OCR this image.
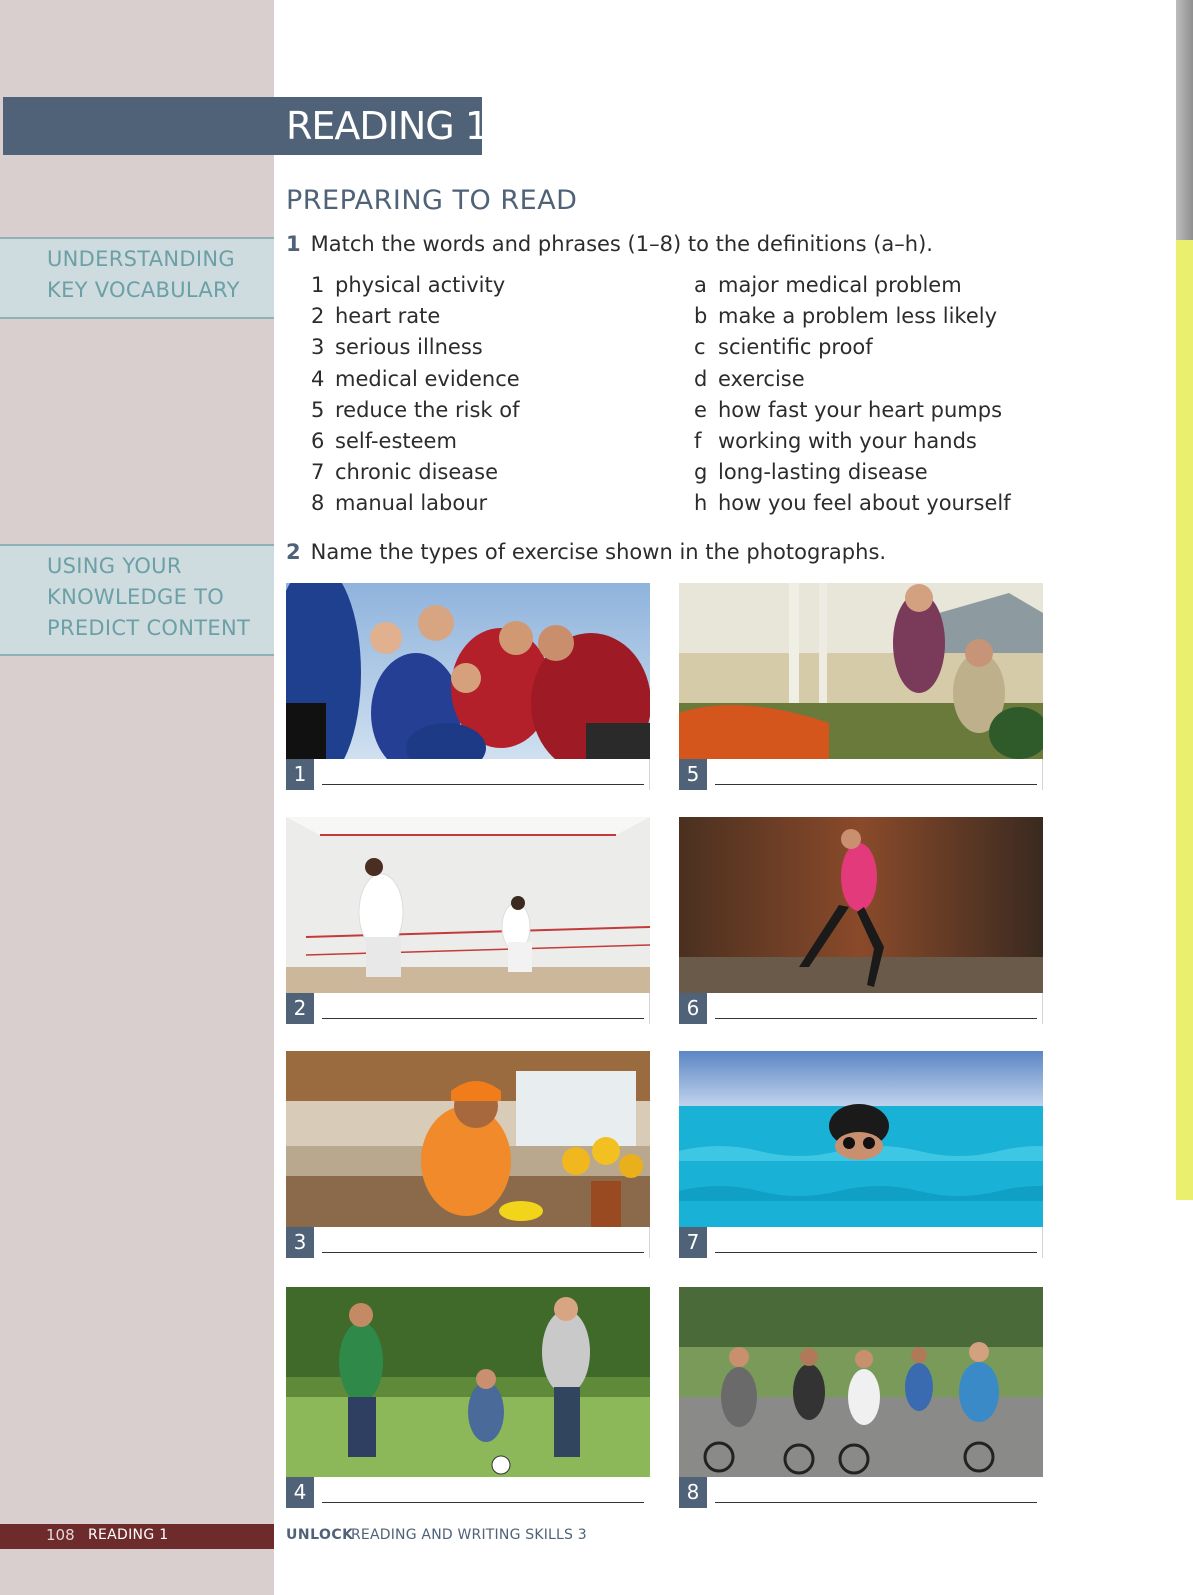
READING 1
PREPARING TO READ
UNDERSTANDING
KEY VOCABULARY
USING YOUR
KNOWLEDGE TO
PREDICT CONTENT
1 Match the words and phrases (1–8) to the definitions (a–h).
1 physical activity
2 heart rate
3 serious illness
4 medical evidence
5 reduce the risk of
6 self-esteem
7 chronic disease
8 manual labour
a major medical problem
b make a problem less likely
c scientific proof
d exercise
e how fast your heart pumps
f working with your hands
g long-lasting disease
h how you feel about yourself
2 Name the types of exercise shown in the photographs.
1
2
3
4
5
6
7
8
108 READING 1	UNLOCK
READING AND WRITING SKILLS 3
